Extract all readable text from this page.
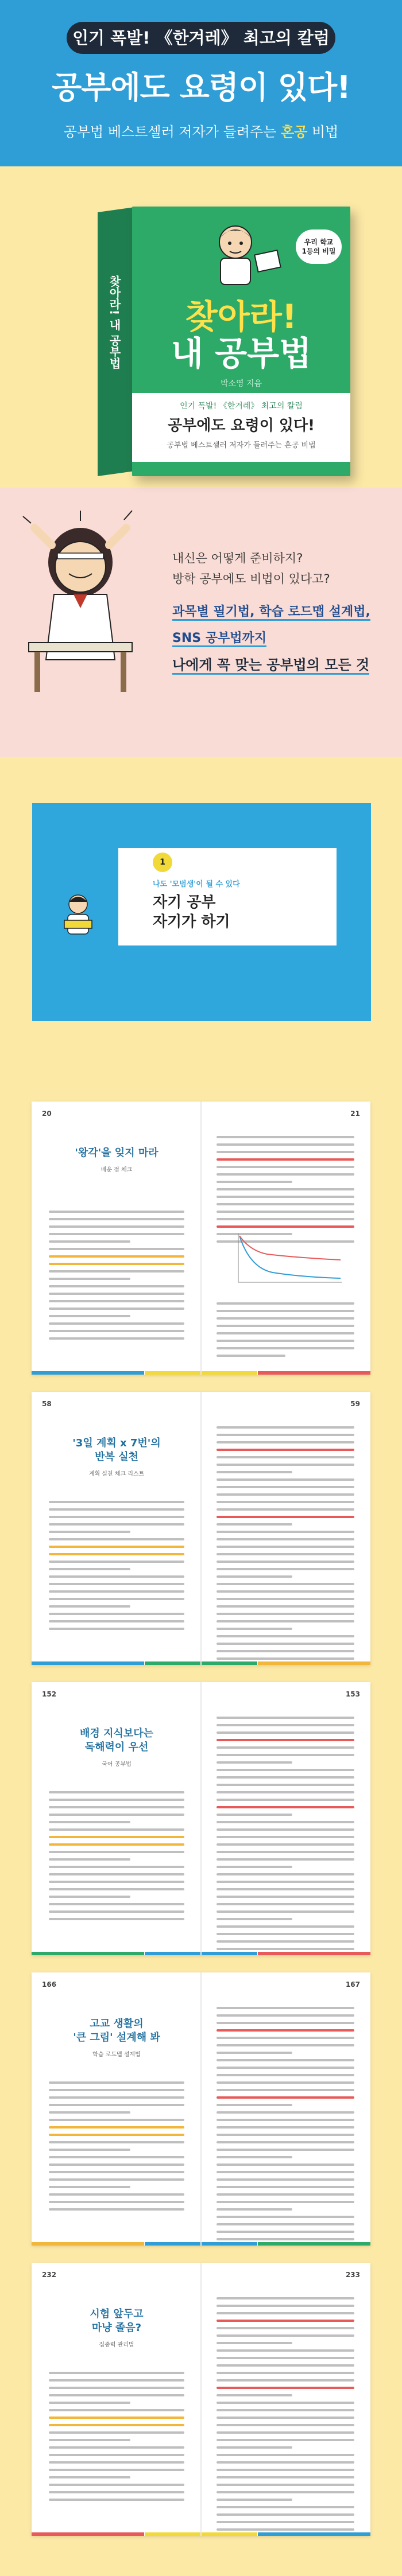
인기 폭발! 《한겨레》 최고의 칼럼
공부에도 요령이 있다!
공부법 베스트셀러 저자가 들려주는 혼공 비법
찾아라! 내 공부법
우리 학교
1등의 비밀
찾아라!
내 공부법
박소영 지음
인기 폭발! 《한겨레》 최고의 칼럼
공부에도 요령이 있다!
공부법 베스트셀러 저자가 들려주는 혼공 비법
내신은 어떻게 준비하지?
방학 공부에도 비법이 있다고?
과목별 필기법, 학습 로드맵 설계법,
SNS 공부법까지
나에게 꼭 맞는 공부법의 모든 것
1
나도 '모범생'이 될 수 있다
자기 공부
자기가 하기
20	21
'왕각'을 잊지 마라
배운 점 체크
58	59
'3일 계획 x 7번'의
반복 실천
계획 실천 체크 리스트
152	153
배경 지식보다는
독해력이 우선
국어 공부법
166	167
고교 생활의
'큰 그림' 설계해 봐
학습 로드맵 설계법
232	233
시험 앞두고
마냥 졸음?
집중력 관리법
